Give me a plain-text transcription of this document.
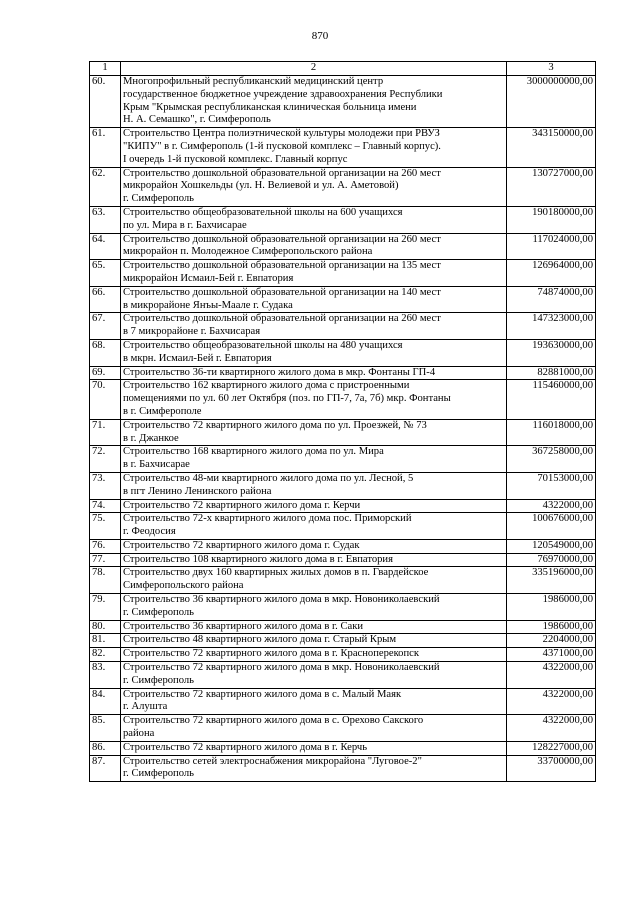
870
1	2	3
60.	Многопрофильный республиканский медицинский центр
государственное бюджетное учреждение здравоохранения Республики
Крым "Крымская республиканская клиническая больница имени
Н. А. Семашко", г. Симферополь	3000000000,00
61.	Строительство Центра полиэтнической культуры молодежи при РВУЗ
"КИПУ" в г. Симферополь (1-й пусковой комплекс – Главный корпус).
I очередь 1-й пусковой комплекс. Главный корпус	343150000,00
62.	Строительство дошкольной образовательной организации на 260 мест
микрорайон Хошкельды (ул. Н. Велиевой и ул. А. Аметовой)
г. Симферополь	130727000,00
63.	Строительство общеобразовательной школы на 600 учащихся
по ул. Мира в г. Бахчисарае	190180000,00
64.	Строительство дошкольной образовательной организации на 260 мест
микрорайон п. Молодежное Симферопольского района	117024000,00
65.	Строительство дошкольной образовательной организации на 135 мест
микрорайон Исмаил-Бей г. Евпатория	126964000,00
66.	Строительство дошкольной образовательной организации на 140 мест
в микрорайоне Янъы-Маале г. Судака	74874000,00
67.	Строительство дошкольной образовательной организации на 260 мест
в 7 микрорайоне г. Бахчисарая	147323000,00
68.	Строительство общеобразовательной школы на 480 учащихся
в мкрн. Исмаил-Бей г. Евпатория	193630000,00
69.	Строительство 36-ти квартирного жилого дома в мкр. Фонтаны ГП-4	82881000,00
70.	Строительство 162 квартирного жилого дома с пристроенными
помещениями по ул. 60 лет Октября (поз. по ГП-7, 7а, 7б) мкр. Фонтаны
в г. Симферополе	115460000,00
71.	Строительство 72 квартирного жилого дома по ул. Проезжей, № 73
в г. Джанкое	116018000,00
72.	Строительство 168 квартирного жилого дома по ул. Мира
в г. Бахчисарае	367258000,00
73.	Строительство 48-ми квартирного жилого дома по ул. Лесной, 5
в пгт Ленино Ленинского района	70153000,00
74.	Строительство 72 квартирного жилого дома г. Керчи	4322000,00
75.	Строительство 72-х квартирного жилого дома пос. Приморский
г. Феодосия	100676000,00
76.	Строительство 72 квартирного жилого дома г. Судак	120549000,00
77.	Строительство 108 квартирного жилого дома в г. Евпатория	76970000,00
78.	Строительство двух 160 квартирных жилых домов в п. Гвардейское
Симферопольского района	335196000,00
79.	Строительство 36 квартирного жилого дома в мкр. Новониколаевский
г. Симферополь	1986000,00
80.	Строительство 36 квартирного жилого дома в г. Саки	1986000,00
81.	Строительство 48 квартирного жилого дома г. Старый Крым	2204000,00
82.	Строительство 72 квартирного жилого дома в г. Красноперекопск	4371000,00
83.	Строительство 72 квартирного жилого дома в мкр. Новониколаевский
г. Симферополь	4322000,00
84.	Строительство 72 квартирного жилого дома в с. Малый Маяк
г. Алушта	4322000,00
85.	Строительство 72 квартирного жилого дома в с. Орехово Сакского
района	4322000,00
86.	Строительство 72 квартирного жилого дома в г. Керчь	128227000,00
87.	Строительство сетей электроснабжения микрорайона "Луговое-2"
г. Симферополь	33700000,00
